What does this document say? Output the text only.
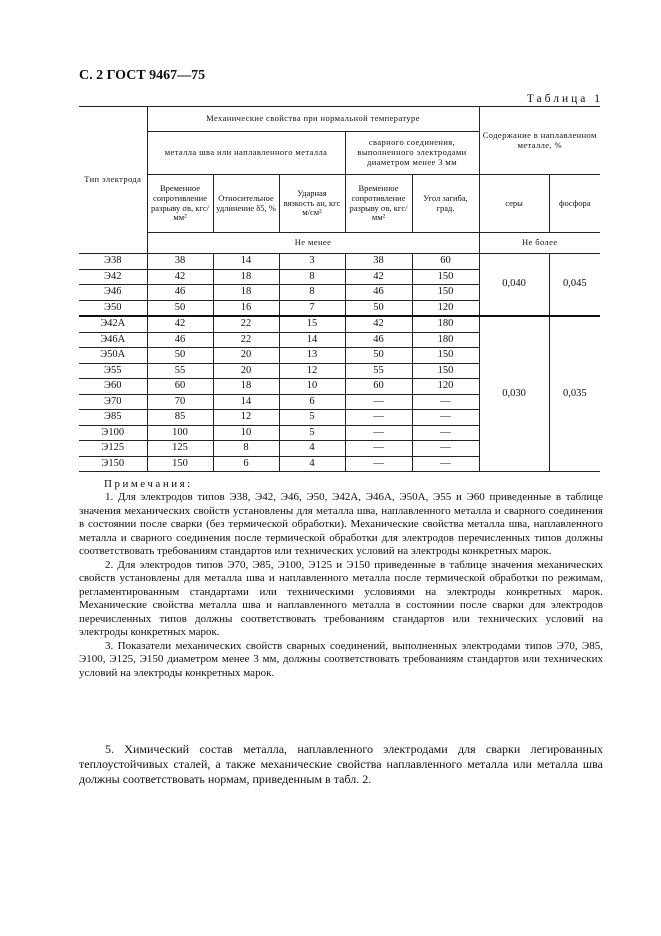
С. 2 ГОСТ 9467—75
Таблица 1
Тип электрода	Механические свойства при нормальной температуре					Содержание в наплавленном металле, %	
	металла шва или наплавленного металла			сварного соединения, выполненного электродами диаметром менее 3 мм			
	Временное сопротивление разрыву σв, кгс/мм²	Относительное удлинение δ5, %	Ударная вязкость ан, кгс м/см²	Временное сопротивление разрыву σв, кгс/мм²	Угол загиба, град.	серы	фосфора
	Не менее					Не более	
Э38	38	14	3	38	60	0,040	0,045
Э42	42	18	8	42	150		
Э46	46	18	8	46	150		
Э50	50	16	7	50	120		
Э42А	42	22	15	42	180	0,030	0,035
Э46А	46	22	14	46	180		
Э50А	50	20	13	50	150		
Э55	55	20	12	55	150		
Э60	60	18	10	60	120		
Э70	70	14	6	—	—		
Э85	85	12	5	—	—		
Э100	100	10	5	—	—		
Э125	125	8	4	—	—		
Э150	150	6	4	—	—		
Примечания:

1. Для электродов типов Э38, Э42, Э46, Э50, Э42А, Э46А, Э50А, Э55 и Э60 приведенные в таблице значения механических свойств установлены для металла шва, наплавленного металла и сварного соединения в состоянии после сварки (без термической обработки). Механические свойства металла шва, наплавленного металла и сварного соединения после термической обработки для электродов перечисленных типов должны соответствовать требованиям стандартов или технических условий на электроды конкретных марок.

2. Для электродов типов Э70, Э85, Э100, Э125 и Э150 приведенные в таблице значения механических свойств установлены для металла шва и наплавленного металла после термической обработки по режимам, регламентированным стандартами или техническими условиями на электроды конкретных марок. Механические свойства металла шва и наплавленного металла в состоянии после сварки для электродов перечисленных типов должны соответствовать требованиям стандартов или технических условий на электроды конкретных марок.

3. Показатели механических свойств сварных соединений, выполненных электродами типов Э70, Э85, Э100, Э125, Э150 диаметром менее 3 мм, должны соответствовать требованиям стандартов или технических условий на электроды конкретных марок.

5. Химический состав металла, наплавленного электродами для сварки легированных теплоустойчивых сталей, а также механические свойства наплавленного металла или металла шва должны соответствовать нормам, приведенным в табл. 2.
